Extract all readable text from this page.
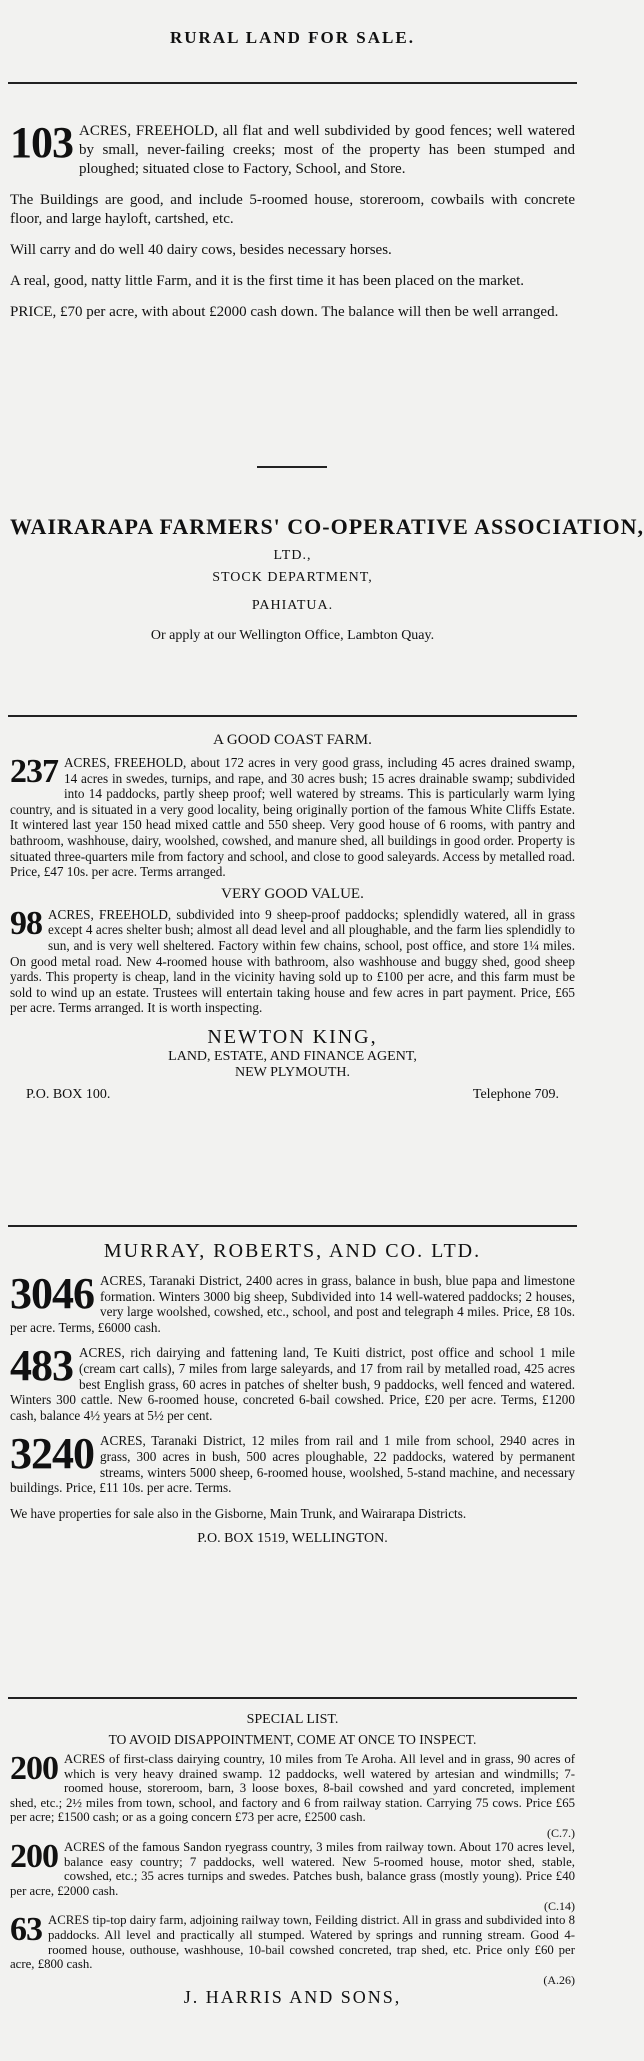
RURAL LAND FOR SALE.

103 ACRES, FREEHOLD, all flat and well subdivided by good fences; well watered by small, never-failing creeks; most of the property has been stumped and ploughed; situated close to Factory, School, and Store.

The Buildings are good, and include 5-roomed house, storeroom, cowbails with concrete floor, and large hayloft, cartshed, etc.

Will carry and do well 40 dairy cows, besides necessary horses.

A real, good, natty little Farm, and it is the first time it has been placed on the market.

PRICE, £70 per acre, with about £2000 cash down. The balance will then be well arranged.

WAIRARAPA FARMERS' CO-OPERATIVE ASSOCIATION,
LTD.,
STOCK DEPARTMENT,
PAHIATUA.
Or apply at our Wellington Office, Lambton Quay.
A GOOD COAST FARM.

237 ACRES, FREEHOLD, about 172 acres in very good grass, including 45 acres drained swamp, 14 acres in swedes, turnips, and rape, and 30 acres bush; 15 acres drainable swamp; subdivided into 14 paddocks, partly sheep proof; well watered by streams. This is particularly warm lying country, and is situated in a very good locality, being originally portion of the famous White Cliffs Estate. It wintered last year 150 head mixed cattle and 550 sheep. Very good house of 6 rooms, with pantry and bathroom, washhouse, dairy, woolshed, cowshed, and manure shed, all buildings in good order. Property is situated three-quarters mile from factory and school, and close to good saleyards. Access by metalled road. Price, £47 10s. per acre. Terms arranged.

VERY GOOD VALUE.

98 ACRES, FREEHOLD, subdivided into 9 sheep-proof paddocks; splendidly watered, all in grass except 4 acres shelter bush; almost all dead level and all ploughable, and the farm lies splendidly to sun, and is very well sheltered. Factory within few chains, school, post office, and store 1¼ miles. On good metal road. New 4-roomed house with bathroom, also washhouse and buggy shed, good sheep yards. This property is cheap, land in the vicinity having sold up to £100 per acre, and this farm must be sold to wind up an estate. Trustees will entertain taking house and few acres in part payment. Price, £65 per acre. Terms arranged. It is worth inspecting.

NEWTON KING,
LAND, ESTATE, AND FINANCE AGENT,
NEW PLYMOUTH.
P.O. BOX 100.	Telephone 709.
MURRAY, ROBERTS, AND CO. LTD.

3046 ACRES, Taranaki District, 2400 acres in grass, balance in bush, blue papa and limestone formation. Winters 3000 big sheep, Subdivided into 14 well-watered paddocks; 2 houses, very large woolshed, cowshed, etc., school, and post and telegraph 4 miles. Price, £8 10s. per acre. Terms, £6000 cash.

483 ACRES, rich dairying and fattening land, Te Kuiti district, post office and school 1 mile (cream cart calls), 7 miles from large saleyards, and 17 from rail by metalled road, 425 acres best English grass, 60 acres in patches of shelter bush, 9 paddocks, well fenced and watered. Winters 300 cattle. New 6-roomed house, concreted 6-bail cowshed. Price, £20 per acre. Terms, £1200 cash, balance 4½ years at 5½ per cent.

3240 ACRES, Taranaki District, 12 miles from rail and 1 mile from school, 2940 acres in grass, 300 acres in bush, 500 acres ploughable, 22 paddocks, watered by permanent streams, winters 5000 sheep, 6-roomed house, woolshed, 5-stand machine, and necessary buildings. Price, £11 10s. per acre. Terms.

We have properties for sale also in the Gisborne, Main Trunk, and Wairarapa Districts.

P.O. BOX 1519, WELLINGTON.
SPECIAL LIST.
TO AVOID DISAPPOINTMENT, COME AT ONCE TO INSPECT.

200 ACRES of first-class dairying country, 10 miles from Te Aroha. All level and in grass, 90 acres of which is very heavy drained swamp. 12 paddocks, well watered by artesian and windmills; 7-roomed house, storeroom, barn, 3 loose boxes, 8-bail cowshed and yard concreted, implement shed, etc.; 2½ miles from town, school, and factory and 6 from railway station. Carrying 75 cows. Price £65 per acre; £1500 cash; or as a going concern £73 per acre, £2500 cash.

(C.7.)

200 ACRES of the famous Sandon ryegrass country, 3 miles from railway town. About 170 acres level, balance easy country; 7 paddocks, well watered. New 5-roomed house, motor shed, stable, cowshed, etc.; 35 acres turnips and swedes. Patches bush, balance grass (mostly young). Price £40 per acre, £2000 cash.

(C.14)

63 ACRES tip-top dairy farm, adjoining railway town, Feilding district. All in grass and subdivided into 8 paddocks. All level and practically all stumped. Watered by springs and running stream. Good 4-roomed house, outhouse, washhouse, 10-bail cowshed concreted, trap shed, etc. Price only £60 per acre, £800 cash.

(A.26)
J. HARRIS AND SONS,
